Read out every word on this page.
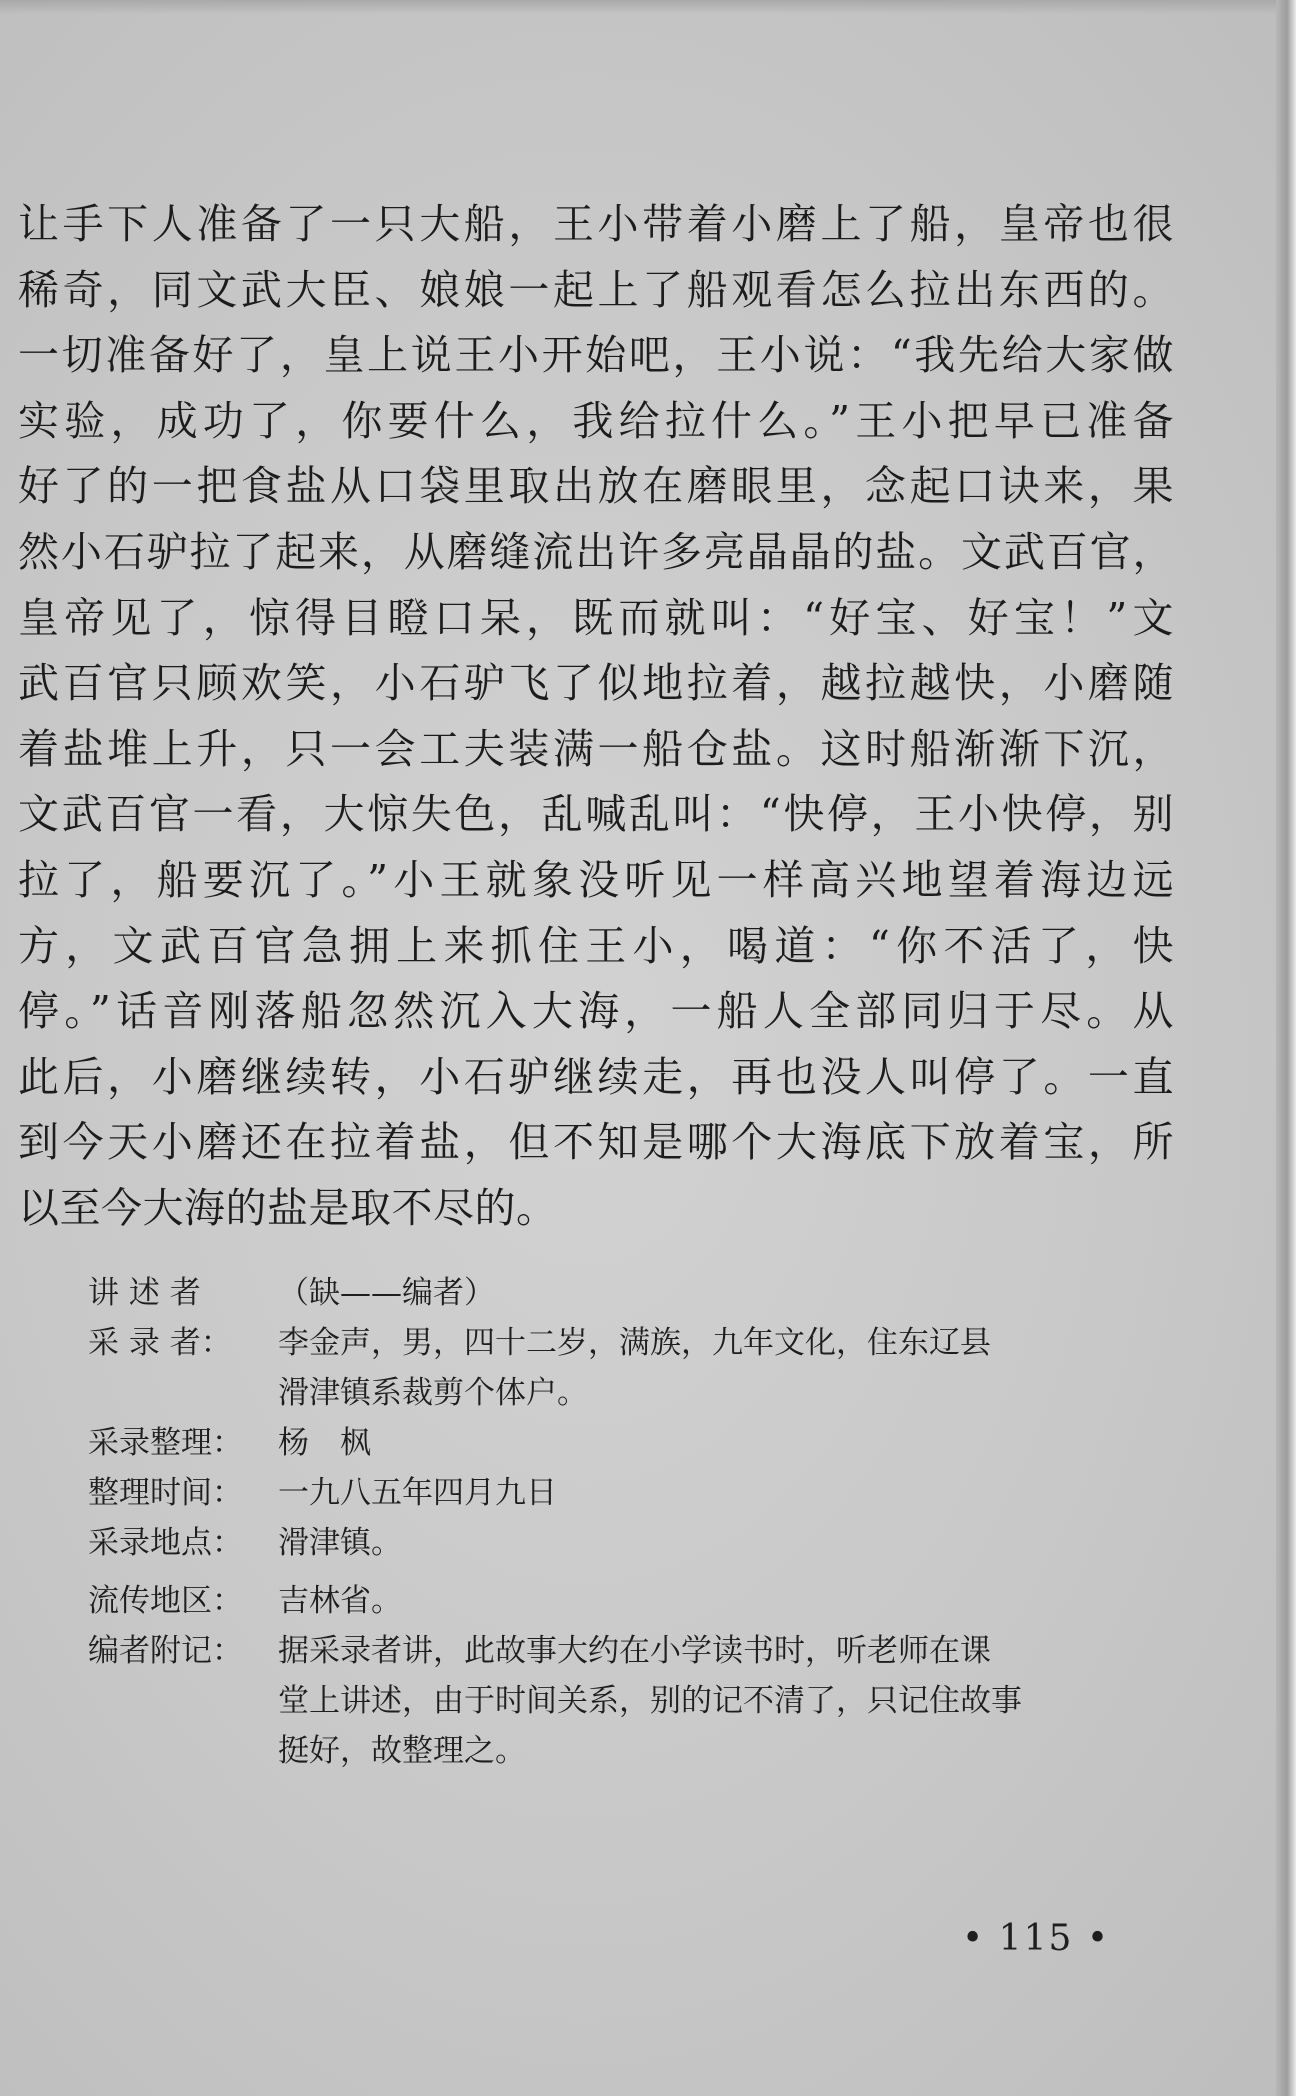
让手下人准备了一只大船，王小带着小磨上了船，皇帝也很
稀奇，同文武大臣、娘娘一起上了船观看怎么拉出东西的。
一切准备好了，皇上说王小开始吧，王小说：“我先给大家做
实验，成功了，你要什么，我给拉什么。”王小把早已准备
好了的一把食盐从口袋里取出放在磨眼里，念起口诀来，果
然小石驴拉了起来，从磨缝流出许多亮晶晶的盐。文武百官，
皇帝见了，惊得目瞪口呆，既而就叫：“好宝、好宝！”文
武百官只顾欢笑，小石驴飞了似地拉着，越拉越快，小磨随
着盐堆上升，只一会工夫装满一船仓盐。这时船渐渐下沉，
文武百官一看，大惊失色，乱喊乱叫：“快停，王小快停，别
拉了，船要沉了。”小王就象没听见一样高兴地望着海边远
方，文武百官急拥上来抓住王小，喝道：“你不活了，快
停。”话音刚落船忽然沉入大海，一船人全部同归于尽。从
此后，小磨继续转，小石驴继续走，再也没人叫停了。一直
到今天小磨还在拉着盐，但不知是哪个大海底下放着宝，所
以至今大海的盐是取不尽的。
讲 述 者	（缺——编者）
采 录 者：	李金声，男，四十二岁，满族，九年文化，住东辽县
滑津镇系裁剪个体户。
采录整理：	杨　枫
整理时间：	一九八五年四月九日
采录地点：	滑津镇。
流传地区：	吉林省。
编者附记：	据采录者讲，此故事大约在小学读书时，听老师在课
堂上讲述，由于时间关系，别的记不清了，只记住故事
挺好，故整理之。
• 115 •
